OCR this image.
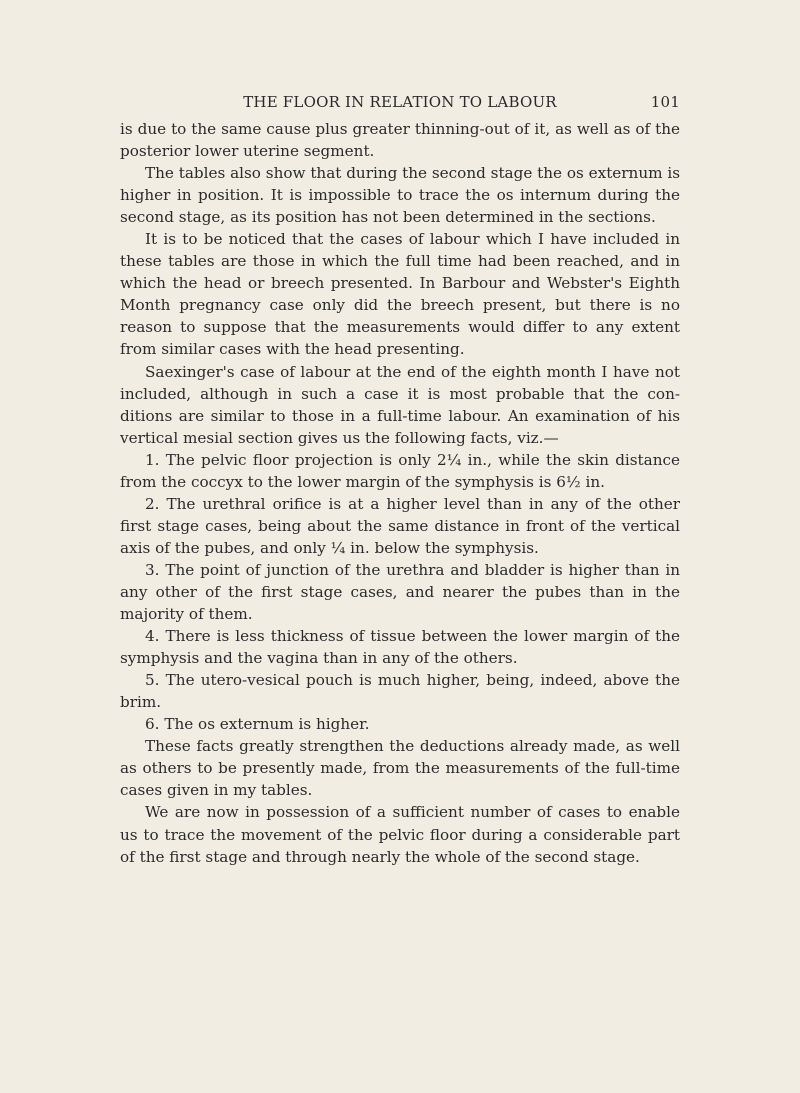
THE FLOOR IN RELATION TO LABOUR	101

is due to the same cause plus greater thinning-out of it, as well as of the posterior lower uterine segment.

The tables also show that during the second stage the os externum is higher in position. It is impossible to trace the os internum during the second stage, as its position has not been determined in the sections.

It is to be noticed that the cases of labour which I have included in these tables are those in which the full time had been reached, and in which the head or breech presented. In Barbour and Webster's Eighth Month pregnancy case only did the breech present, but there is no reason to suppose that the measurements would differ to any extent from similar cases with the head presenting.

Saexinger's case of labour at the end of the eighth month I have not included, although in such a case it is most probable that the con- ditions are similar to those in a full-time labour. An examination of his vertical mesial section gives us the following facts, viz.—

1. The pelvic floor projection is only 2¼ in., while the skin distance from the coccyx to the lower margin of the symphysis is 6½ in.

2. The urethral orifice is at a higher level than in any of the other first stage cases, being about the same distance in front of the vertical axis of the pubes, and only ¼ in. below the symphysis.

3. The point of junction of the urethra and bladder is higher than in any other of the first stage cases, and nearer the pubes than in the majority of them.

4. There is less thickness of tissue between the lower margin of the symphysis and the vagina than in any of the others.

5. The utero-vesical pouch is much higher, being, indeed, above the brim.

6. The os externum is higher.

These facts greatly strengthen the deductions already made, as well as others to be presently made, from the measurements of the full-time cases given in my tables.

We are now in possession of a sufficient number of cases to enable us to trace the movement of the pelvic floor during a considerable part of the first stage and through nearly the whole of the second stage.
